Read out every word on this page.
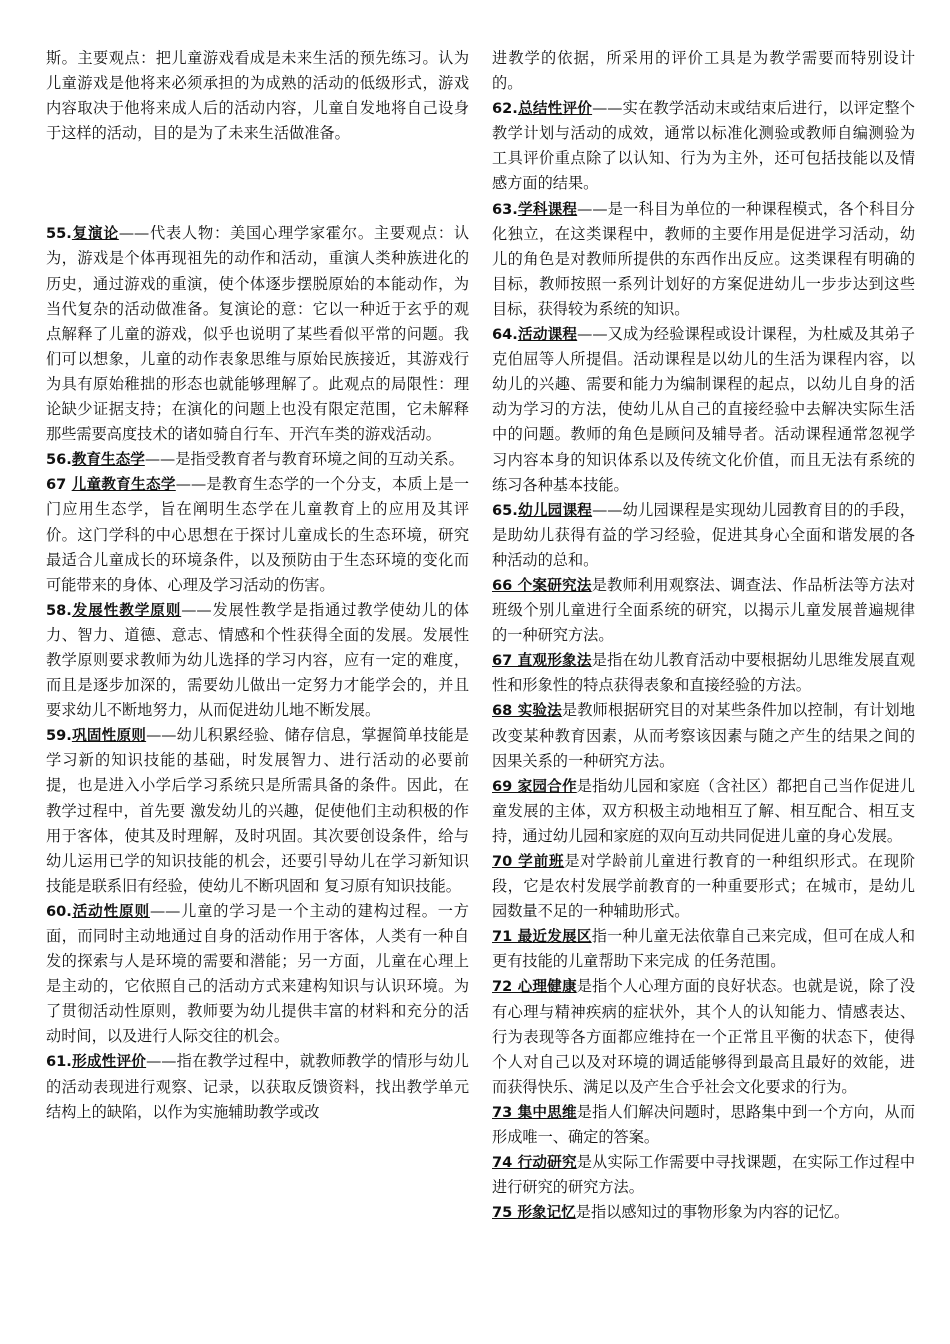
斯。主要观点：把儿童游戏看成是未来生活的预先练习。认为儿童游戏是他将来必须承担的为成熟的活动的低级形式，游戏内容取决于他将来成人后的活动内容，儿童自发地将自己设身于这样的活动，目的是为了未来生活做准备。

55.复演论——代表人物：美国心理学家霍尔。主要观点：认为，游戏是个体再现祖先的动作和活动，重演人类种族进化的历史，通过游戏的重演，使个体逐步摆脱原始的本能动作，为当代复杂的活动做准备。复演论的意：它以一种近于玄乎的观点解释了儿童的游戏，似乎也说明了某些看似平常的问题。我们可以想象，儿童的动作表象思维与原始民族接近，其游戏行为具有原始稚拙的形态也就能够理解了。此观点的局限性：理论缺少证据支持；在演化的问题上也没有限定范围，它未解释那些需要高度技术的诸如骑自行车、开汽车类的游戏活动。

56.教育生态学——是指受教育者与教育环境之间的互动关系。

67 儿童教育生态学——是教育生态学的一个分支，本质上是一门应用生态学，旨在阐明生态学在儿童教育上的应用及其评价。这门学科的中心思想在于探讨儿童成长的生态环境，研究最适合儿童成长的环境条件，以及预防由于生态环境的变化而可能带来的身体、心理及学习活动的伤害。

58.发展性教学原则——发展性教学是指通过教学使幼儿的体力、智力、道德、意志、情感和个性获得全面的发展。发展性教学原则要求教师为幼儿选择的学习内容，应有一定的难度，而且是逐步加深的，需要幼儿做出一定努力才能学会的，并且要求幼儿不断地努力，从而促进幼儿地不断发展。

59.巩固性原则——幼儿积累经验、储存信息，掌握简单技能是学习新的知识技能的基础，时发展智力、进行活动的必要前提，也是进入小学后学习系统只是所需具备的条件。因此，在教学过程中，首先要 激发幼儿的兴趣，促使他们主动积极的作用于客体，使其及时理解，及时巩固。其次要创设条件，给与幼儿运用已学的知识技能的机会，还要引导幼儿在学习新知识技能是联系旧有经验，使幼儿不断巩固和 复习原有知识技能。

60.活动性原则——儿童的学习是一个主动的建构过程。一方面，而同时主动地通过自身的活动作用于客体，人类有一种自发的探索与人是环境的需要和潜能；另一方面，儿童在心理上是主动的，它依照自己的活动方式来建构知识与认识环境。为了贯彻活动性原则，教师要为幼儿提供丰富的材料和充分的活动时间，以及进行人际交往的机会。

61.形成性评价——指在教学过程中，就教师教学的情形与幼儿的活动表现进行观察、记录，以获取反馈资料，找出教学单元结构上的缺陷，以作为实施辅助教学或改

进教学的依据，所采用的评价工具是为教学需要而特别设计的。

62.总结性评价——实在教学活动末或结束后进行，以评定整个教学计划与活动的成效，通常以标准化测验或教师自编测验为工具评价重点除了以认知、行为为主外，还可包括技能以及情感方面的结果。

63.学科课程——是一科目为单位的一种课程模式，各个科目分化独立，在这类课程中，教师的主要作用是促进学习活动，幼儿的角色是对教师所提供的东西作出反应。这类课程有明确的目标，教师按照一系列计划好的方案促进幼儿一步步达到这些目标，获得较为系统的知识。

64.活动课程——又成为经验课程或设计课程，为杜威及其弟子克伯屈等人所提倡。活动课程是以幼儿的生活为课程内容，以幼儿的兴趣、需要和能力为编制课程的起点，以幼儿自身的活动为学习的方法，使幼儿从自己的直接经验中去解决实际生活中的问题。教师的角色是顾问及辅导者。活动课程通常忽视学习内容本身的知识体系以及传统文化价值，而且无法有系统的练习各种基本技能。

65.幼儿园课程——幼儿园课程是实现幼儿园教育目的的手段，是助幼儿获得有益的学习经验，促进其身心全面和谐发展的各种活动的总和。

66 个案研究法是教师利用观察法、调查法、作品析法等方法对班级个别儿童进行全面系统的研究，以揭示儿童发展普遍规律的一种研究方法。

67 直观形象法是指在幼儿教育活动中要根据幼儿思维发展直观性和形象性的特点获得表象和直接经验的方法。

68 实验法是教师根据研究目的对某些条件加以控制，有计划地改变某种教育因素，从而考察该因素与随之产生的结果之间的因果关系的一种研究方法。

69 家园合作是指幼儿园和家庭（含社区）都把自己当作促进儿童发展的主体，双方积极主动地相互了解、相互配合、相互支持，通过幼儿园和家庭的双向互动共同促进儿童的身心发展。

70 学前班是对学龄前儿童进行教育的一种组织形式。在现阶段，它是农村发展学前教育的一种重要形式；在城市，是幼儿园数量不足的一种辅助形式。

71 最近发展区指一种儿童无法依靠自己来完成，但可在成人和更有技能的儿童帮助下来完成 的任务范围。

72 心理健康是指个人心理方面的良好状态。也就是说，除了没有心理与精神疾病的症状外，其个人的认知能力、情感表达、行为表现等各方面都应维持在一个正常且平衡的状态下，使得个人对自己以及对环境的调适能够得到最高且最好的效能，进而获得快乐、满足以及产生合乎社会文化要求的行为。

73 集中思维是指人们解决问题时，思路集中到一个方向，从而形成唯一、确定的答案。

74 行动研究是从实际工作需要中寻找课题，在实际工作过程中进行研究的研究方法。

75 形象记忆是指以感知过的事物形象为内容的记忆。
